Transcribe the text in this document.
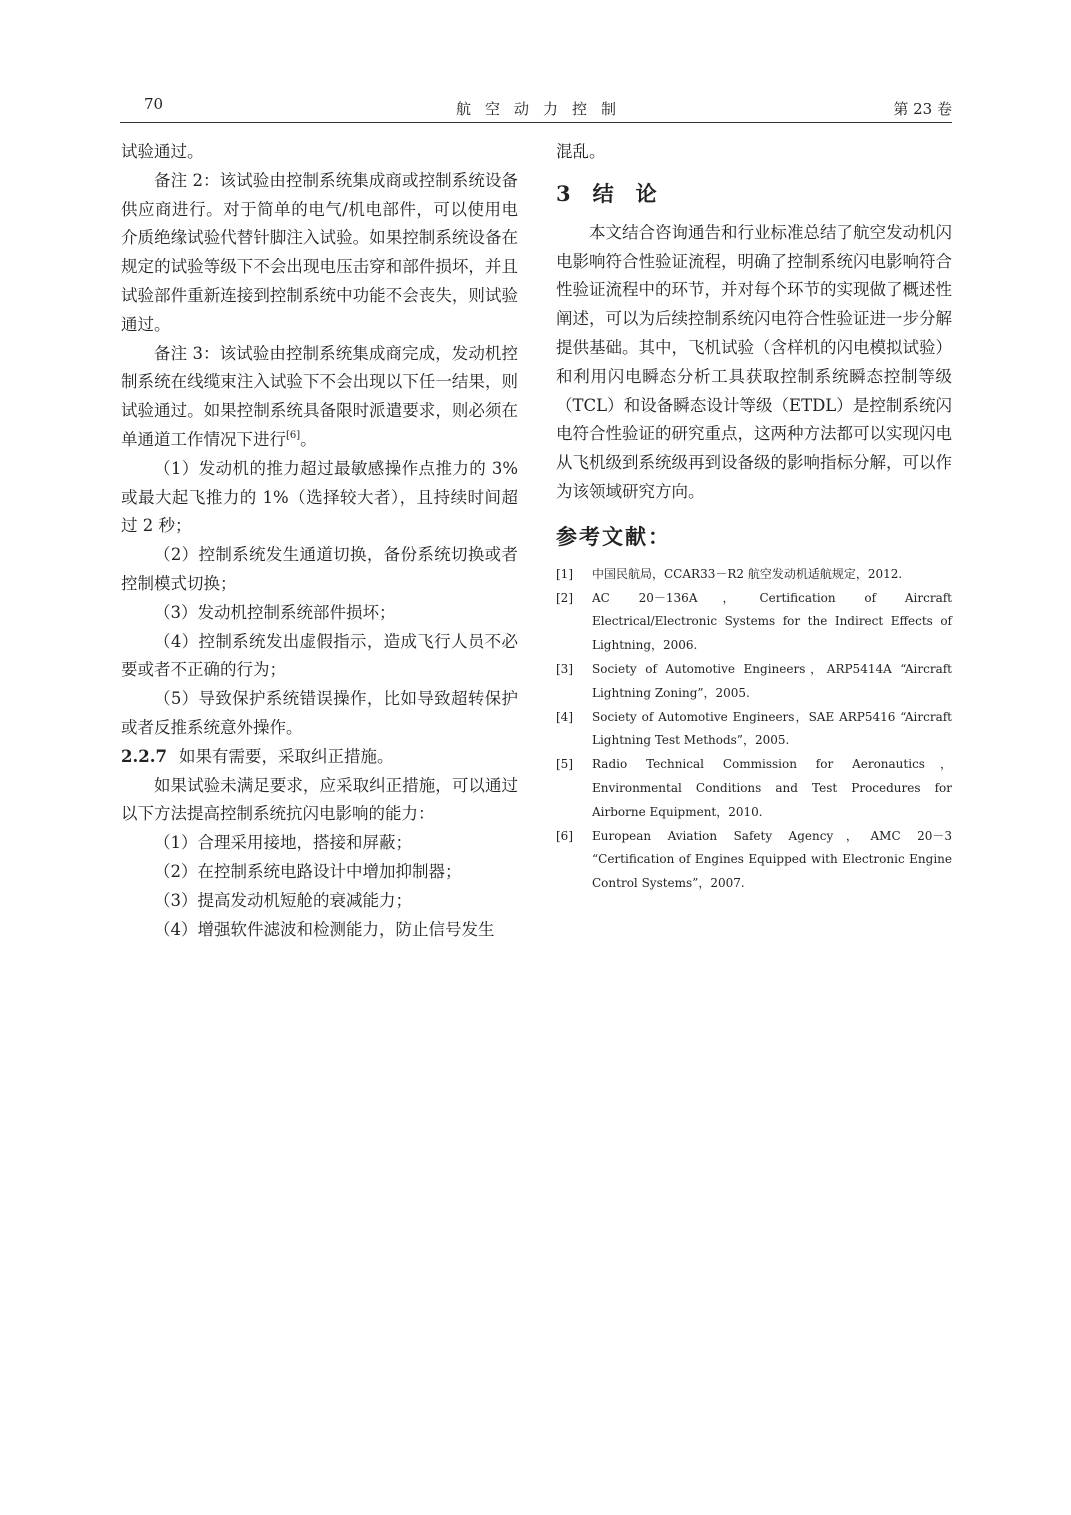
70	航空动力控制	第 23 卷

试验通过。

备注 2：该试验由控制系统集成商或控制系统设备供应商进行。对于简单的电气/机电部件，可以使用电介质绝缘试验代替针脚注入试验。如果控制系统设备在规定的试验等级下不会出现电压击穿和部件损坏，并且试验部件重新连接到控制系统中功能不会丧失，则试验通过。

备注 3：该试验由控制系统集成商完成，发动机控制系统在线缆束注入试验下不会出现以下任一结果，则试验通过。如果控制系统具备限时派遣要求，则必须在单通道工作情况下进行[6]。

（1）发动机的推力超过最敏感操作点推力的 3%或最大起飞推力的 1%（选择较大者），且持续时间超过 2 秒；

（2）控制系统发生通道切换，备份系统切换或者控制模式切换；

（3）发动机控制系统部件损坏；

（4）控制系统发出虚假指示，造成飞行人员不必要或者不正确的行为；

（5）导致保护系统错误操作，比如导致超转保护或者反推系统意外操作。

2.2.7 如果有需要，采取纠正措施。

如果试验未满足要求，应采取纠正措施，可以通过以下方法提高控制系统抗闪电影响的能力：

（1）合理采用接地，搭接和屏蔽；

（2）在控制系统电路设计中增加抑制器；

（3）提高发动机短舱的衰减能力；

（4）增强软件滤波和检测能力，防止信号发生

混乱。

3 结论

本文结合咨询通告和行业标准总结了航空发动机闪电影响符合性验证流程，明确了控制系统闪电影响符合性验证流程中的环节，并对每个环节的实现做了概述性阐述，可以为后续控制系统闪电符合性验证进一步分解提供基础。其中，飞机试验（含样机的闪电模拟试验）和利用闪电瞬态分析工具获取控制系统瞬态控制等级（TCL）和设备瞬态设计等级（ETDL）是控制系统闪电符合性验证的研究重点，这两种方法都可以实现闪电从飞机级到系统级再到设备级的影响指标分解，可以作为该领域研究方向。

参考文献：
[1]	中国民航局，CCAR33－R2 航空发动机适航规定，2012.
[2]	AC 20－136A，Certification of Aircraft Electrical/Electronic Systems for the Indirect Effects of Lightning，2006.
[3]	Society of Automotive Engineers，ARP5414A “Aircraft Lightning Zoning”，2005.
[4]	Society of Automotive Engineers，SAE ARP5416 “Aircraft Lightning Test Methods”，2005.
[5]	Radio Technical Commission for Aeronautics，Environmental Conditions and Test Procedures for Airborne Equipment，2010.
[6]	European Aviation Safety Agency，AMC 20－3 “Certification of Engines Equipped with Electronic Engine Control Systems”，2007.
